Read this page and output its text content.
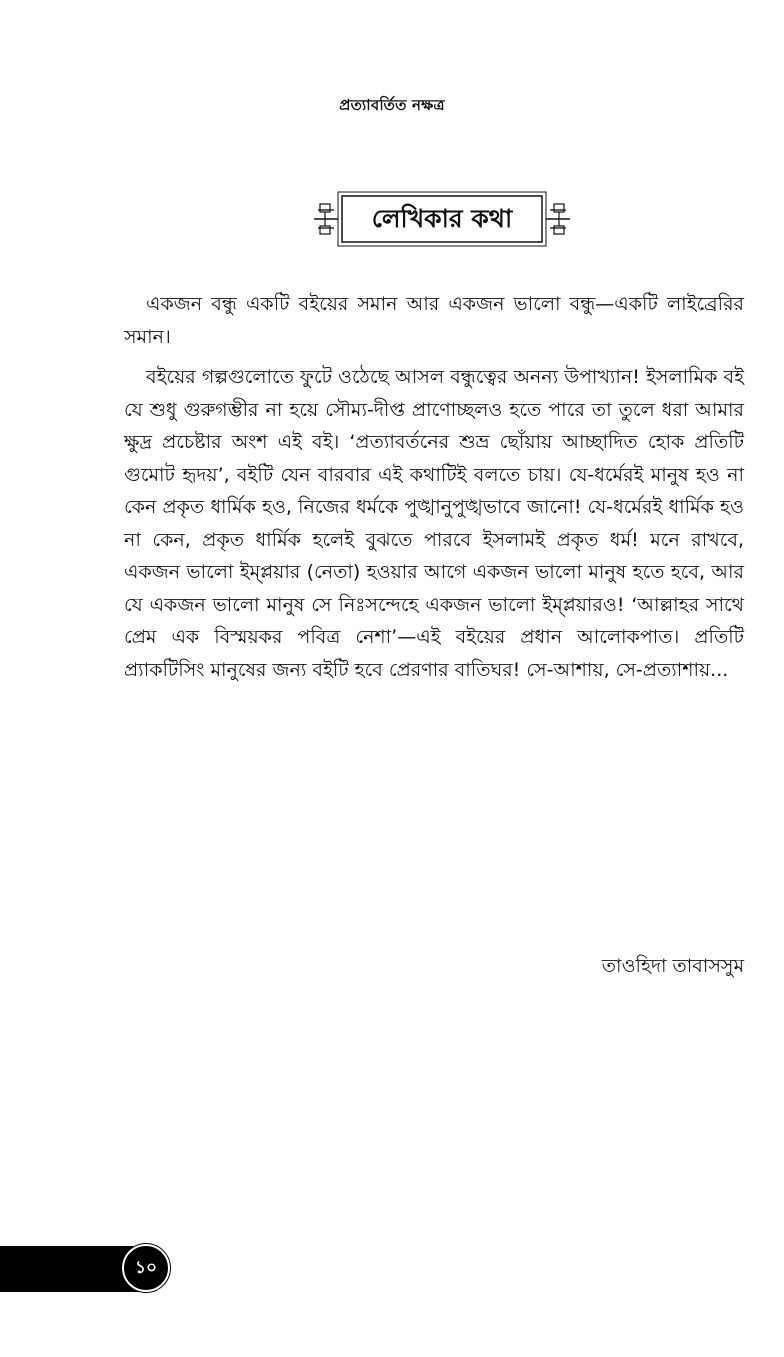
প্রত্যাবর্তিত নক্ষত্র
লেখিকার কথা

একজন বন্ধু একটি বইয়ের সমান আর একজন ভালো বন্ধু—একটি লাইব্রেরির সমান।

বইয়ের গল্পগুলোতে ফুটে ওঠেছে আসল বন্ধুত্বের অনন্য উপাখ্যান! ইসলামিক বই যে শুধু গুরুগম্ভীর না হয়ে সৌম্য-দীপ্ত প্রাণোচ্ছলও হতে পারে তা তুলে ধরা আমার ক্ষুদ্র প্রচেষ্টার অংশ এই বই। ‘প্রত্যাবর্তনের শুভ্র ছোঁয়ায় আচ্ছাদিত হোক প্রতিটি গুমোট হৃদয়’, বইটি যেন বারবার এই কথাটিই বলতে চায়। যে-ধর্মেরই মানুষ হও না কেন প্রকৃত ধার্মিক হও, নিজের ধর্মকে পুঙ্খানুপুঙ্খভাবে জানো! যে-ধর্মেরই ধার্মিক হও না কেন, প্রকৃত ধার্মিক হলেই বুঝতে পারবে ইসলামই প্রকৃত ধর্ম! মনে রাখবে, একজন ভালো ইম্প্লয়ার (নেতা) হওয়ার আগে একজন ভালো মানুষ হতে হবে, আর যে একজন ভালো মানুষ সে নিঃসন্দেহে একজন ভালো ইম্প্লয়ারও! ‘আল্লাহর সাথে প্রেম এক বিস্ময়কর পবিত্র নেশা’—এই বইয়ের প্রধান আলোকপাত। প্রতিটি প্র্যাকটিসিং মানুষের জন্য বইটি হবে প্রেরণার বাতিঘর! সে-আশায়, সে-প্রত্যাশায়...

তাওহিদা তাবাসসুম
১০
